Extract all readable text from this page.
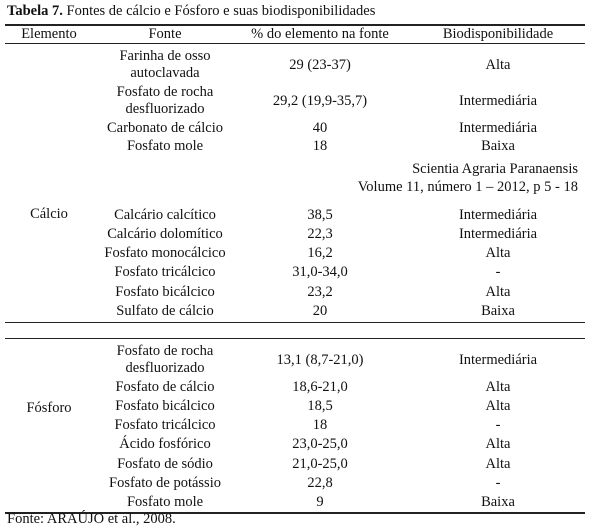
Tabela 7. Fontes de cálcio e Fósforo e suas biodisponibilidades
Elemento	Fonte	% do elemento na fonte	Biodisponibilidade
Scientia Agraria Paranaensis
Volume 11, número 1 – 2012, p 5 - 18
Cálcio
Farinha de osso
autoclavada
29 (23-37)	Alta
Fosfato de rocha
desfluorizado
29,2 (19,9-35,7)	Intermediária
Carbonato de cálcio	40	Intermediária
Fosfato mole	18	Baixa
Calcário calcítico	38,5	Intermediária
Calcário dolomítico	22,3	Intermediária
Fosfato monocálcico	16,2	Alta
Fosfato tricálcico	31,0-34,0	-
Fosfato bicálcico	23,2	Alta
Sulfato de cálcio	20	Baixa
Fósforo
Fosfato de rocha
desfluorizado
13,1 (8,7-21,0)	Intermediária
Fosfato de cálcio	18,6-21,0	Alta
Fosfato bicálcico	18,5	Alta
Fosfato tricálcico	18	-
Ácido fosfórico	23,0-25,0	Alta
Fosfato de sódio	21,0-25,0	Alta
Fosfato de potássio	22,8	-
Fosfato mole	9	Baixa
Fonte: ARAÚJO et al., 2008.
